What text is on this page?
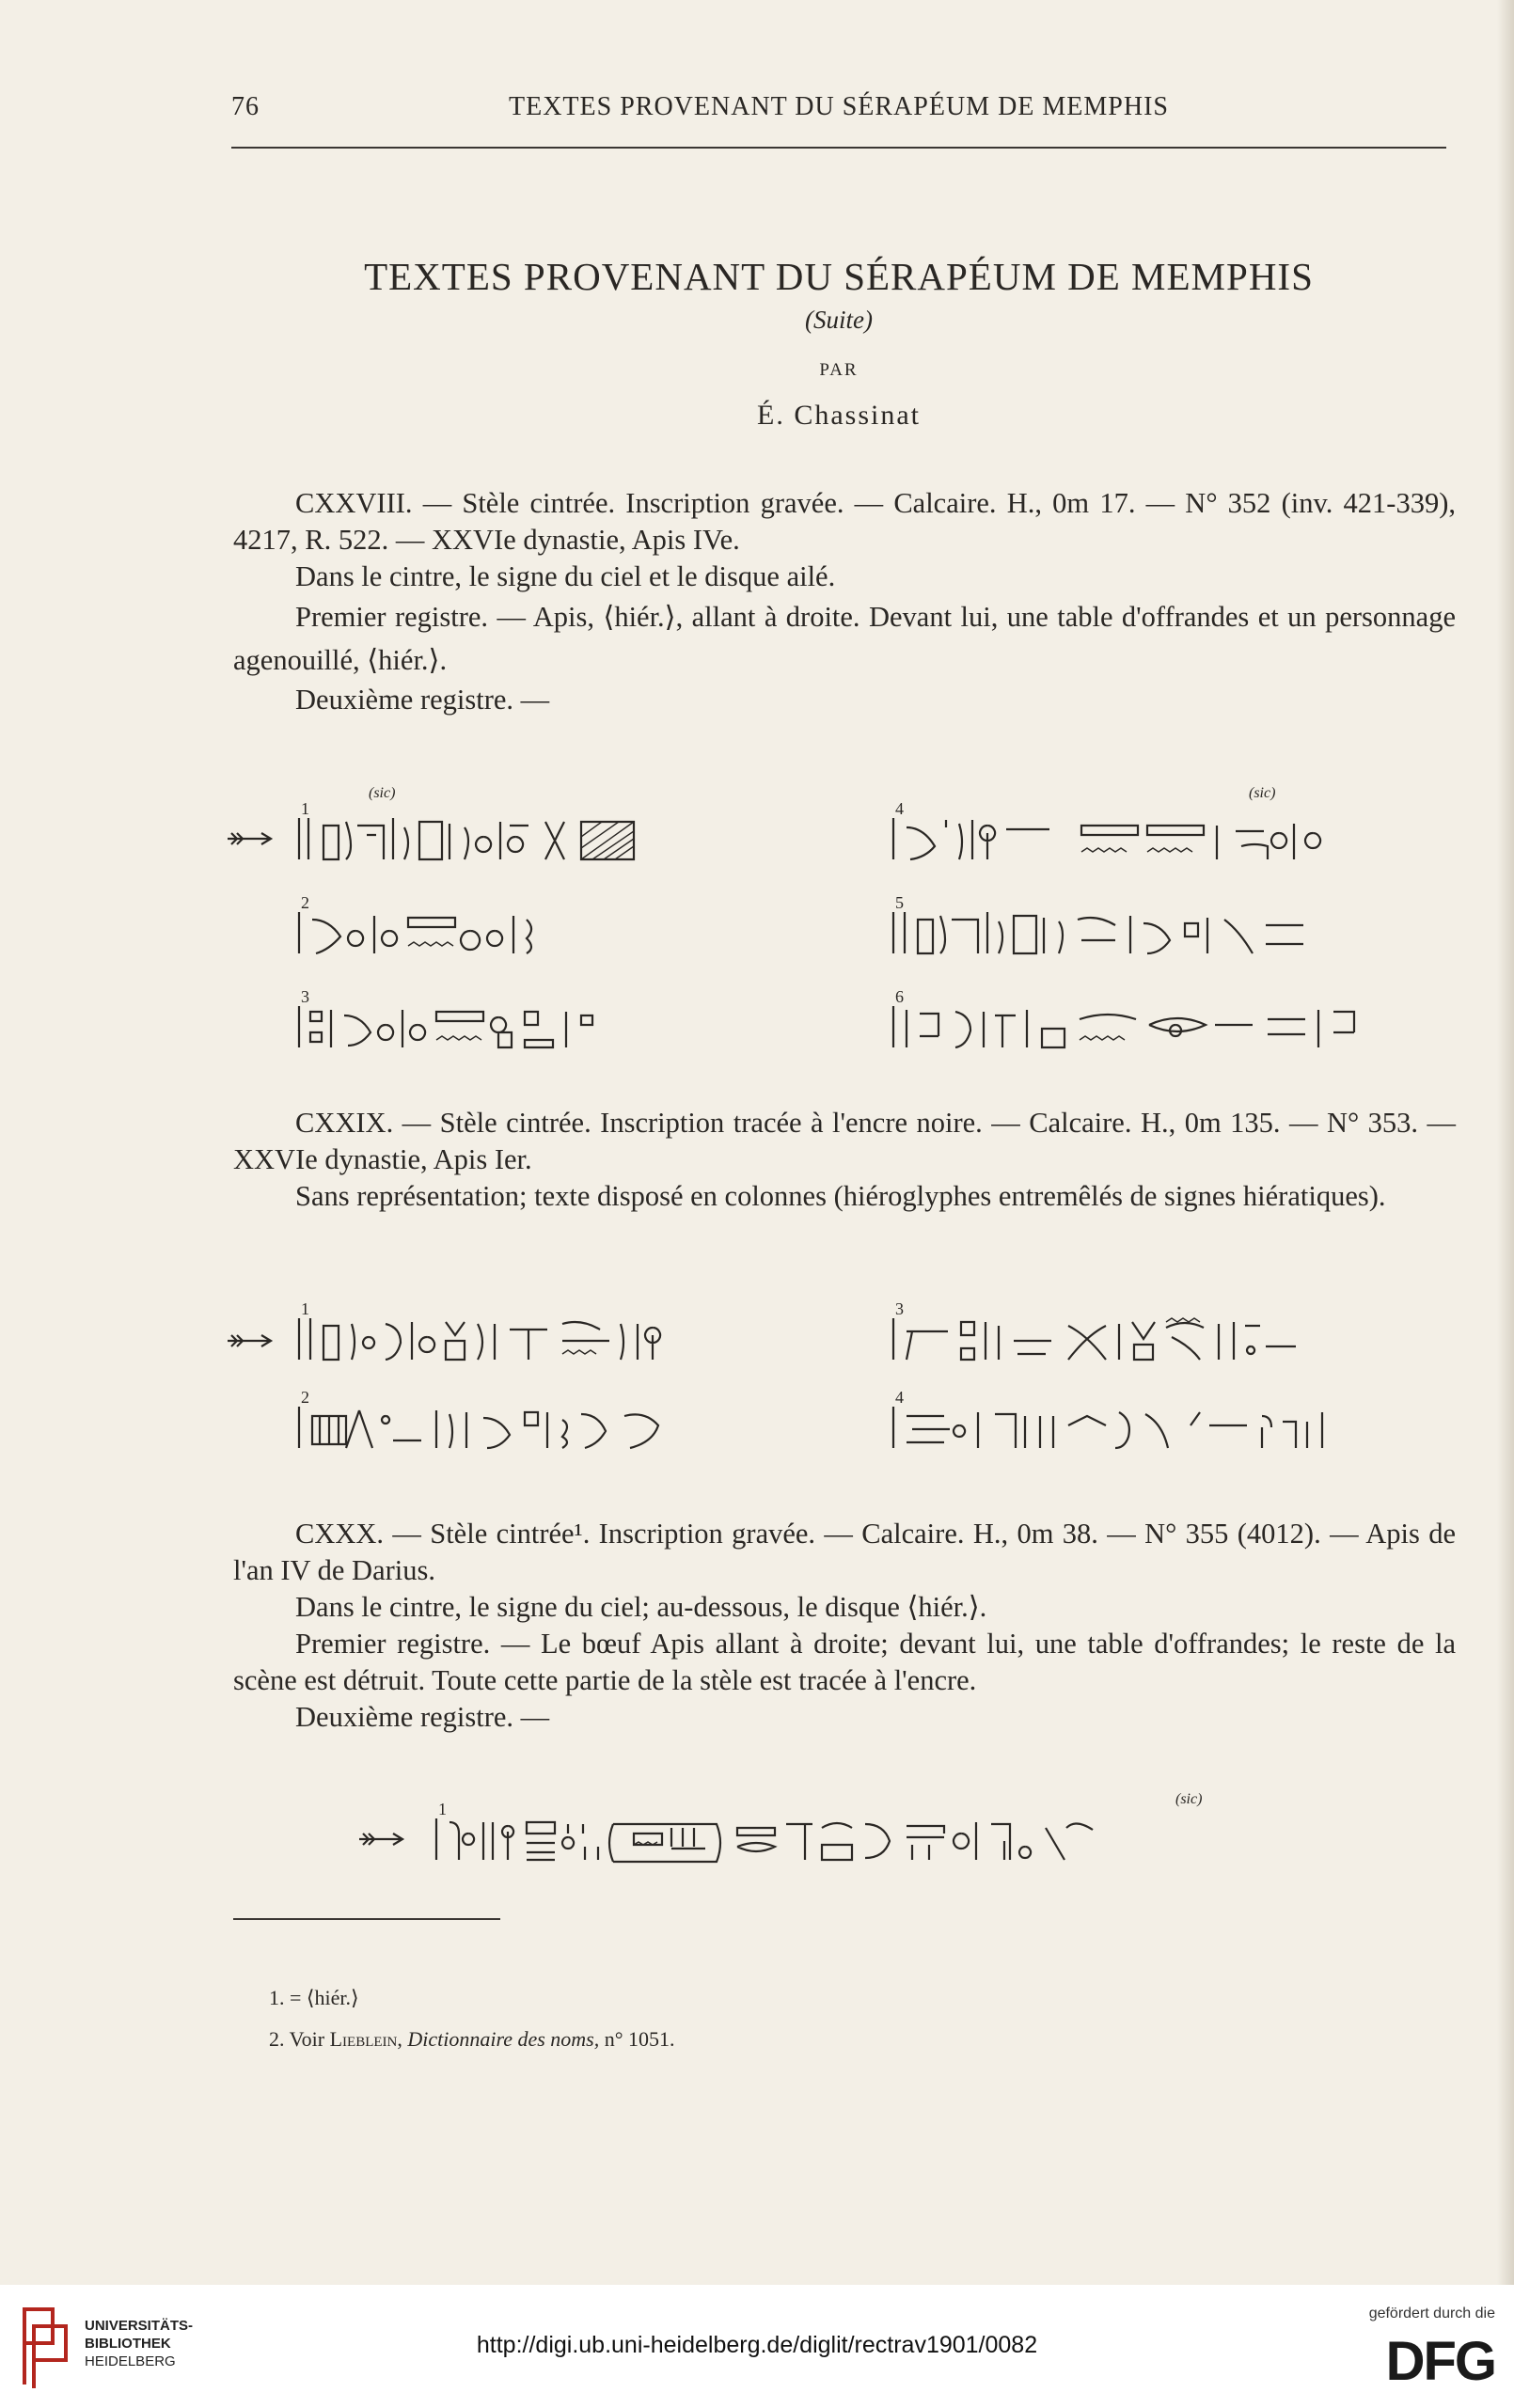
TEXTES PROVENANT DU SÉRAPÉUM DE MEMPHIS
76
TEXTES PROVENANT DU SÉRAPÉUM DE MEMPHIS
(Suite)
PAR
É. Chassinat

CXXVIII. — Stèle cintrée. Inscription gravée. — Calcaire. H., 0m 17. — N° 352 (inv. 421-339), 4217, R. 522. — XXVIe dynastie, Apis IVe.

Dans le cintre, le signe du ciel et le disque ailé.

Premier registre. — Apis, ⟨hiér.⟩, allant à droite. Devant lui, une table d'offrandes et un personnage agenouillé, ⟨hiér.⟩.

Deuxième registre. —

1
2
3
4
5
6
(sic)	(sic)

CXXIX. — Stèle cintrée. Inscription tracée à l'encre noire. — Calcaire. H., 0m 135. — N° 353. — XXVIe dynastie, Apis Ier.

Sans représentation; texte disposé en colonnes (hiéroglyphes entremêlés de signes hiératiques).

1
2
3
4

CXXX. — Stèle cintrée¹. Inscription gravée. — Calcaire. H., 0m 38. — N° 355 (4012). — Apis de l'an IV de Darius.

Dans le cintre, le signe du ciel; au-dessous, le disque ⟨hiér.⟩.

Premier registre. — Le bœuf Apis allant à droite; devant lui, une table d'offrandes; le reste de la scène est détruit. Toute cette partie de la stèle est tracée à l'encre.

Deuxième registre. —

1
(sic)
1. = ⟨hiér.⟩
2. Voir Lieblein, Dictionnaire des noms, n° 1051.
UNIVERSITÄTS-
BIBLIOTHEK
HEIDELBERG
http://digi.ub.uni-heidelberg.de/diglit/rectrav1901/0082
gefördert durch die
DFG
